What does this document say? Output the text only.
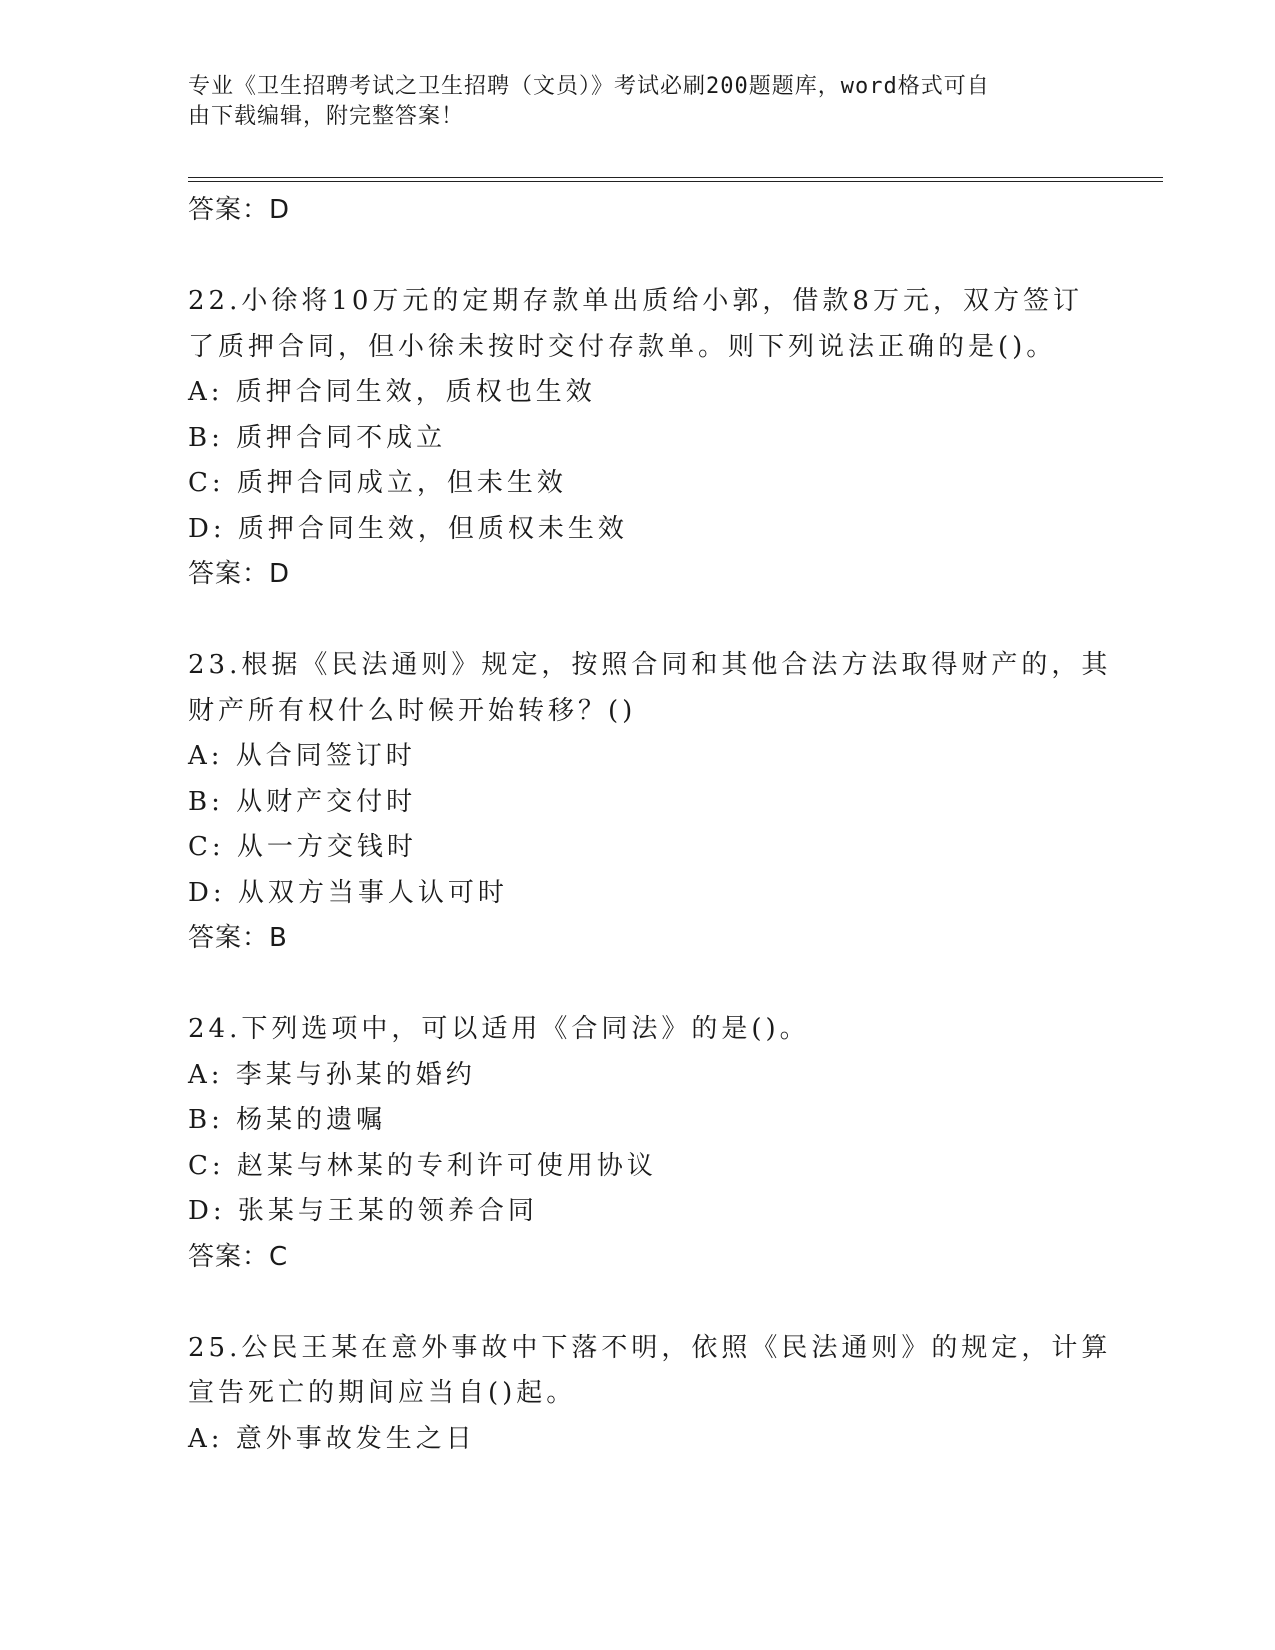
专业《卫生招聘考试之卫生招聘（文员）》考试必刷200题题库，word格式可自
由下载编辑，附完整答案！
答案：D
22.小徐将10万元的定期存款单出质给小郭，借款8万元，双方签订
了质押合同，但小徐未按时交付存款单。则下列说法正确的是()。
A: 质押合同生效，质权也生效
B: 质押合同不成立
C: 质押合同成立，但未生效
D: 质押合同生效，但质权未生效
答案：D
23.根据《民法通则》规定，按照合同和其他合法方法取得财产的，其
财产所有权什么时候开始转移？()
A: 从合同签订时
B: 从财产交付时
C: 从一方交钱时
D: 从双方当事人认可时
答案：B
24.下列选项中，可以适用《合同法》的是()。
A: 李某与孙某的婚约
B: 杨某的遗嘱
C: 赵某与林某的专利许可使用协议
D: 张某与王某的领养合同
答案：C
25.公民王某在意外事故中下落不明，依照《民法通则》的规定，计算
宣告死亡的期间应当自()起。
A: 意外事故发生之日
